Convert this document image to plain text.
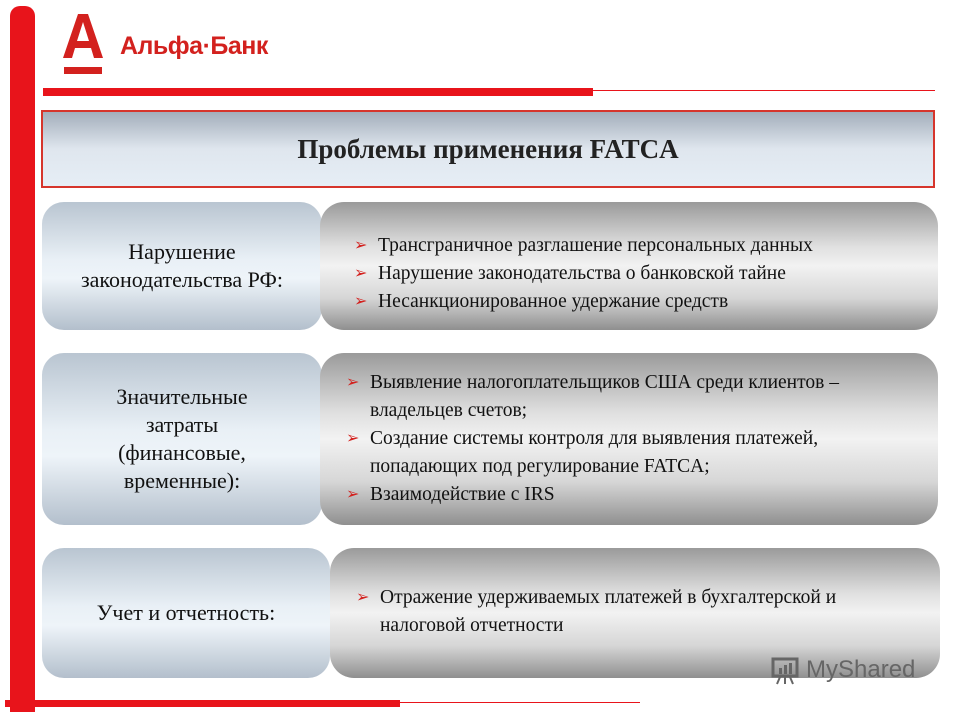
Альфа·Банк
Проблемы применения FATCA
Нарушение законодательства РФ:
➢ Трансграничное разглашение персональных данных
➢ Нарушение законодательства о банковской тайне
➢ Несанкционированное удержание средств
Значительные затраты (финансовые, временные):
➢ Выявление налогоплательщиков США среди клиентов – владельцев счетов;
➢ Создание системы контроля для выявления платежей, попадающих под регулирование FATCA;
➢ Взаимодействие с IRS
Учет и отчетность:
➢ Отражение удерживаемых платежей в бухгалтерской и налоговой отчетности
MyShared
